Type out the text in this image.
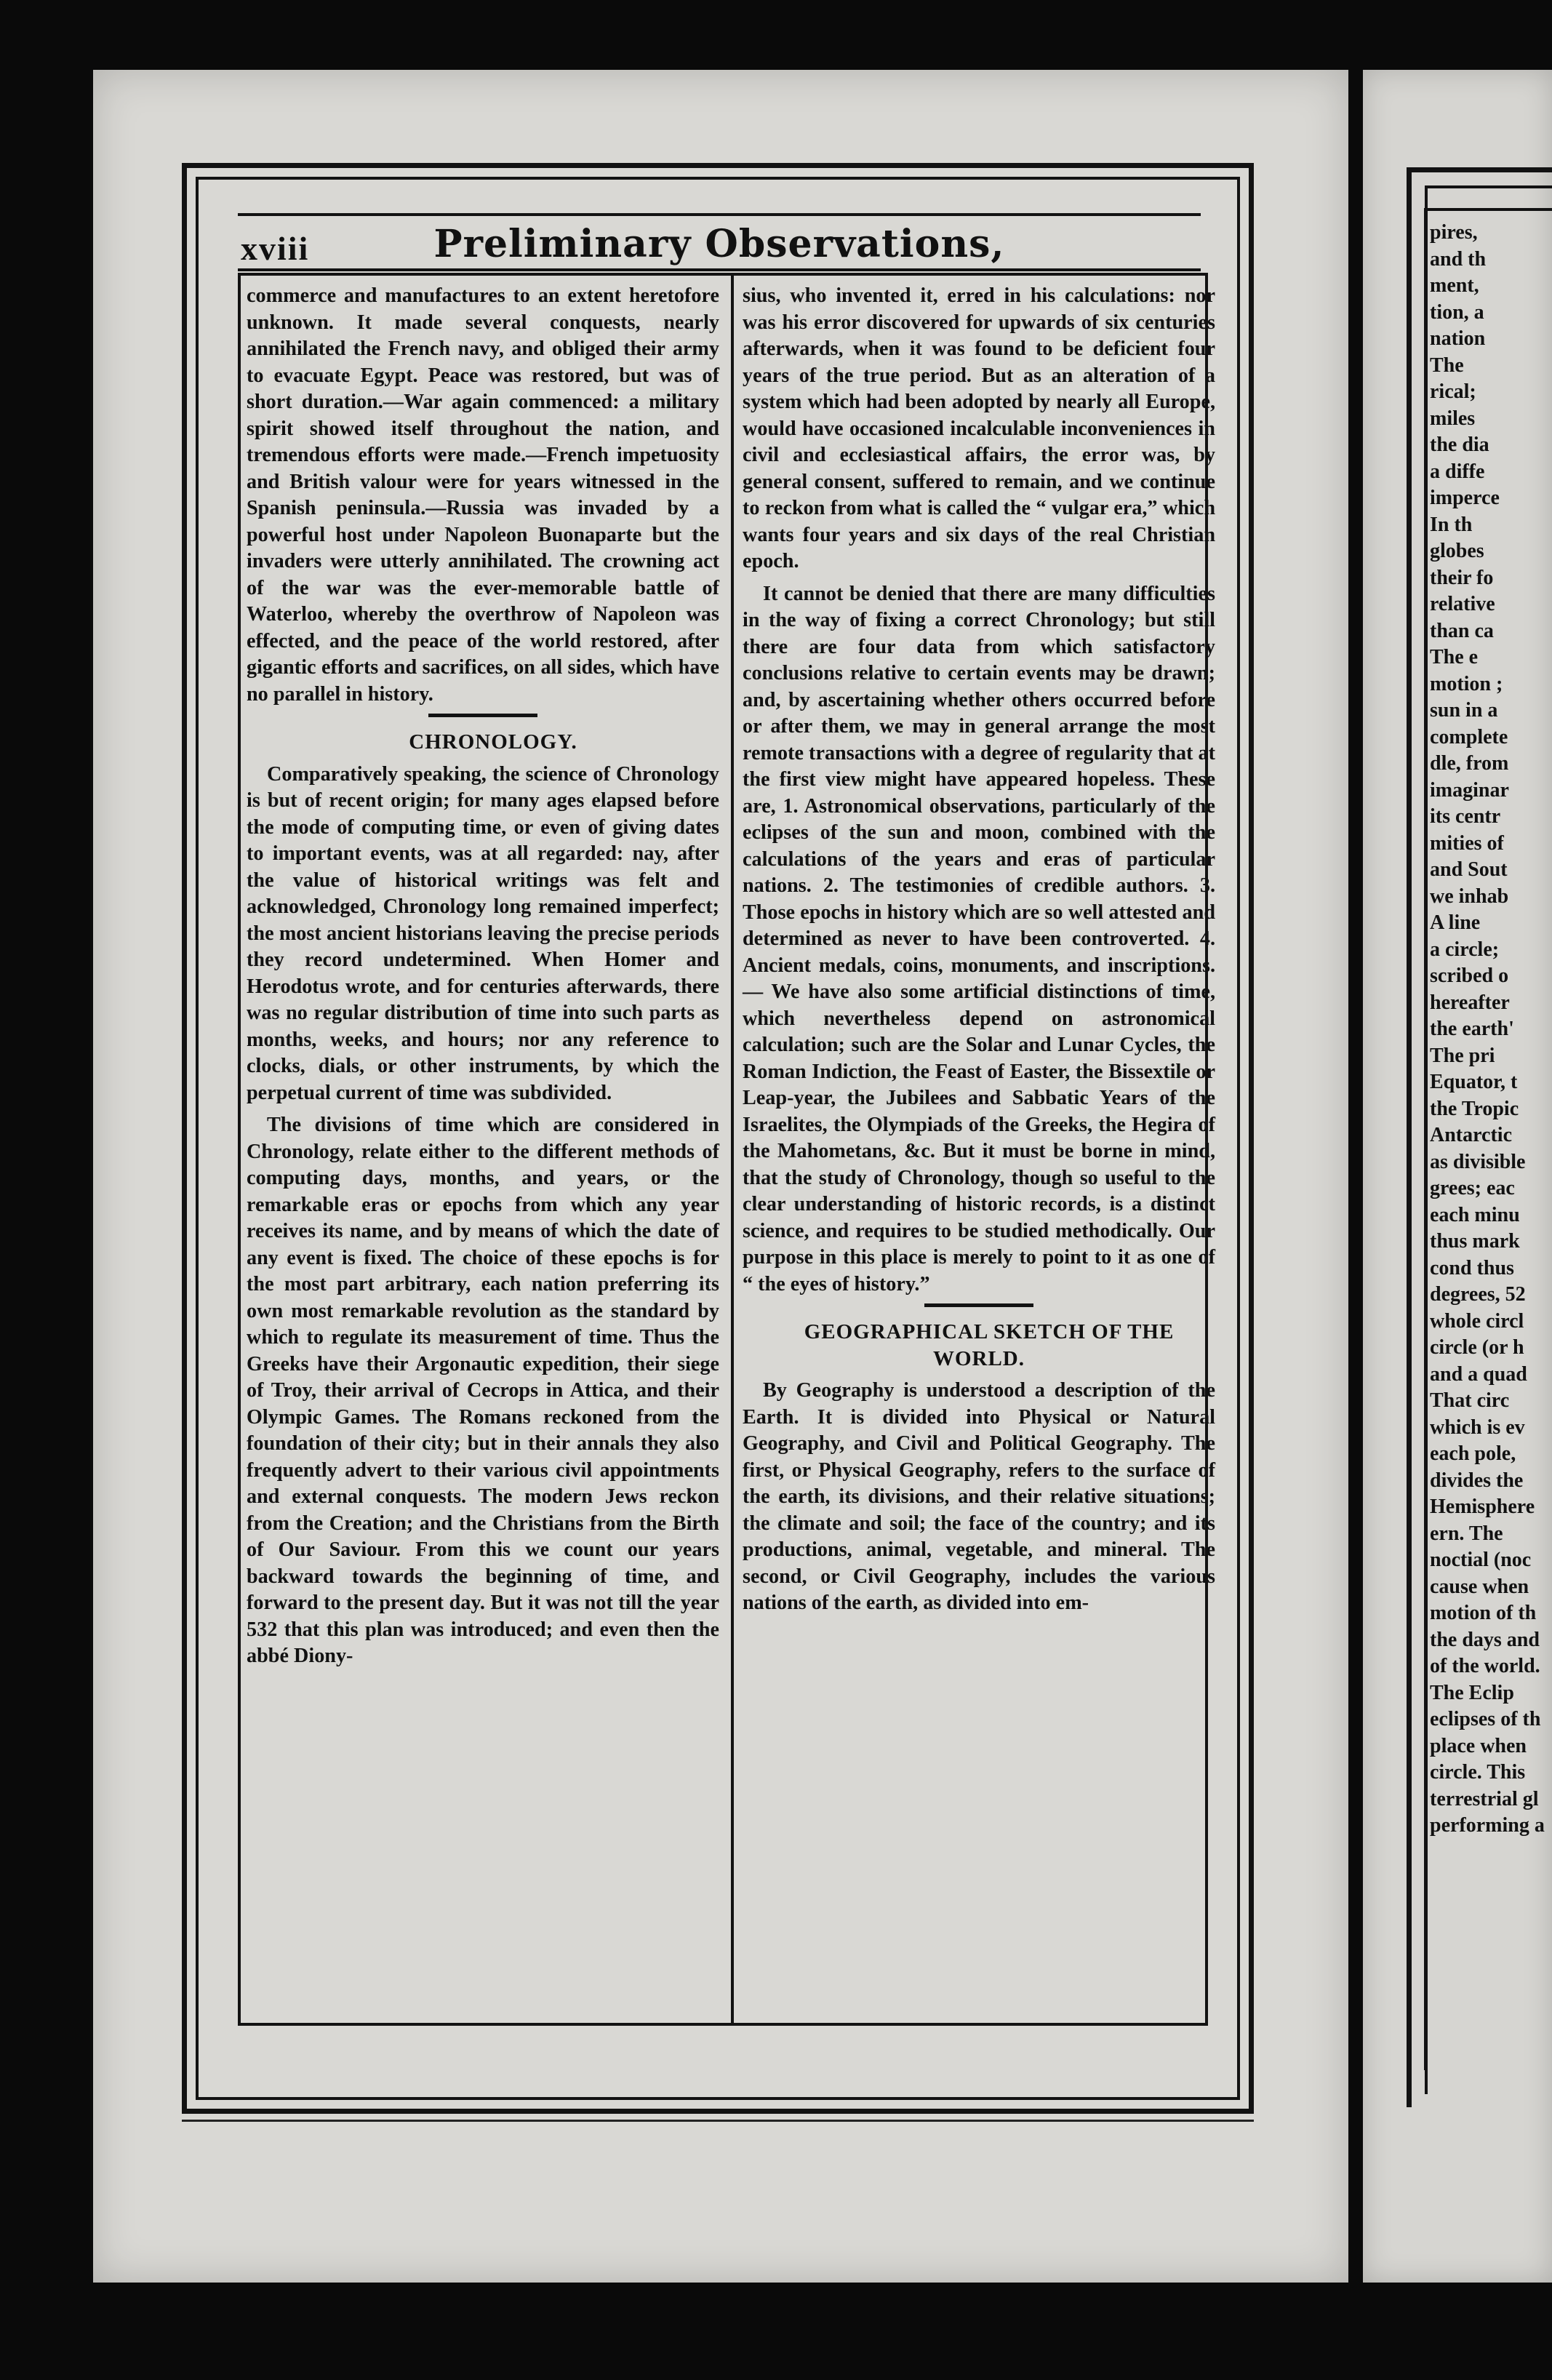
xviii	Preliminary Observations,

commerce and manufactures to an extent heretofore unknown. It made several conquests, nearly annihilated the French navy, and obliged their army to evacuate Egypt. Peace was restored, but was of short duration.—War again commenced: a military spirit showed itself throughout the nation, and tremendous efforts were made.—French impetuosity and British valour were for years witnessed in the Spanish peninsula.—Russia was invaded by a powerful host under Napoleon Buonaparte but the invaders were utterly annihilated. The crowning act of the war was the ever-memorable battle of Waterloo, whereby the overthrow of Napoleon was effected, and the peace of the world restored, after gigantic efforts and sacrifices, on all sides, which have no parallel in history.

CHRONOLOGY.

Comparatively speaking, the science of Chronology is but of recent origin; for many ages elapsed before the mode of computing time, or even of giving dates to important events, was at all regarded: nay, after the value of historical writings was felt and acknowledged, Chronology long remained imperfect; the most ancient historians leaving the precise periods they record undetermined. When Homer and Herodotus wrote, and for centuries afterwards, there was no regular distribution of time into such parts as months, weeks, and hours; nor any reference to clocks, dials, or other instruments, by which the perpetual current of time was subdivided.

The divisions of time which are considered in Chronology, relate either to the different methods of computing days, months, and years, or the remarkable eras or epochs from which any year receives its name, and by means of which the date of any event is fixed. The choice of these epochs is for the most part arbitrary, each nation preferring its own most remarkable revolution as the standard by which to regulate its measurement of time. Thus the Greeks have their Argonautic expedition, their siege of Troy, their arrival of Cecrops in Attica, and their Olympic Games. The Romans reckoned from the foundation of their city; but in their annals they also frequently advert to their various civil appointments and external conquests. The modern Jews reckon from the Creation; and the Christians from the Birth of Our Saviour. From this we count our years backward towards the beginning of time, and forward to the present day. But it was not till the year 532 that this plan was introduced; and even then the abbé Diony-

sius, who invented it, erred in his calculations: nor was his error discovered for upwards of six centuries afterwards, when it was found to be deficient four years of the true period. But as an alteration of a system which had been adopted by nearly all Europe, would have occasioned incalculable inconveniences in civil and ecclesiastical affairs, the error was, by general consent, suffered to remain, and we continue to reckon from what is called the “ vulgar era,” which wants four years and six days of the real Christian epoch.

It cannot be denied that there are many difficulties in the way of fixing a correct Chronology; but still there are four data from which satisfactory conclusions relative to certain events may be drawn; and, by ascertaining whether others occurred before or after them, we may in general arrange the most remote transactions with a degree of regularity that at the first view might have appeared hopeless. These are, 1. Astronomical observations, particularly of the eclipses of the sun and moon, combined with the calculations of the years and eras of particular nations. 2. The testimonies of credible authors. 3. Those epochs in history which are so well attested and determined as never to have been controverted. 4. Ancient medals, coins, monuments, and inscriptions. — We have also some artificial distinctions of time, which nevertheless depend on astronomical calculation; such are the Solar and Lunar Cycles, the Roman Indiction, the Feast of Easter, the Bissextile or Leap-year, the Jubilees and Sabbatic Years of the Israelites, the Olympiads of the Greeks, the Hegira of the Mahometans, &c. But it must be borne in mind, that the study of Chronology, though so useful to the clear understanding of historic records, is a distinct science, and requires to be studied methodically. Our purpose in this place is merely to point to it as one of “ the eyes of history.”

GEOGRAPHICAL SKETCH OF THE WORLD.

By Geography is understood a description of the Earth. It is divided into Physical or Natural Geography, and Civil and Political Geography. The first, or Physical Geography, refers to the surface of the earth, its divisions, and their relative situations; the climate and soil; the face of the country; and its productions, animal, vegetable, and mineral. The second, or Civil Geography, includes the various nations of the earth, as divided into em-

pires,
and th
ment,
tion, a
nation
The
rical;
miles
the dia
a diffe
imperce
In th
globes
their fo
relative
than ca
The e
motion ;
sun in a
complete
dle, from
imaginar
its centr
mities of
and Sout
we inhab
A line
a circle;
scribed o
hereafter
the earth'
The pri
Equator, t
the Tropic
Antarctic
as divisible
grees; eac
each minu
thus mark
cond thus
degrees, 52
whole circl
circle (or h
and a quad
That circ
which is ev
each pole,
divides the
Hemisphere
ern. The
noctial (noc
cause when
motion of th
the days and
of the world.
The Eclip
eclipses of th
place when
circle. This
terrestrial gl
performing a
